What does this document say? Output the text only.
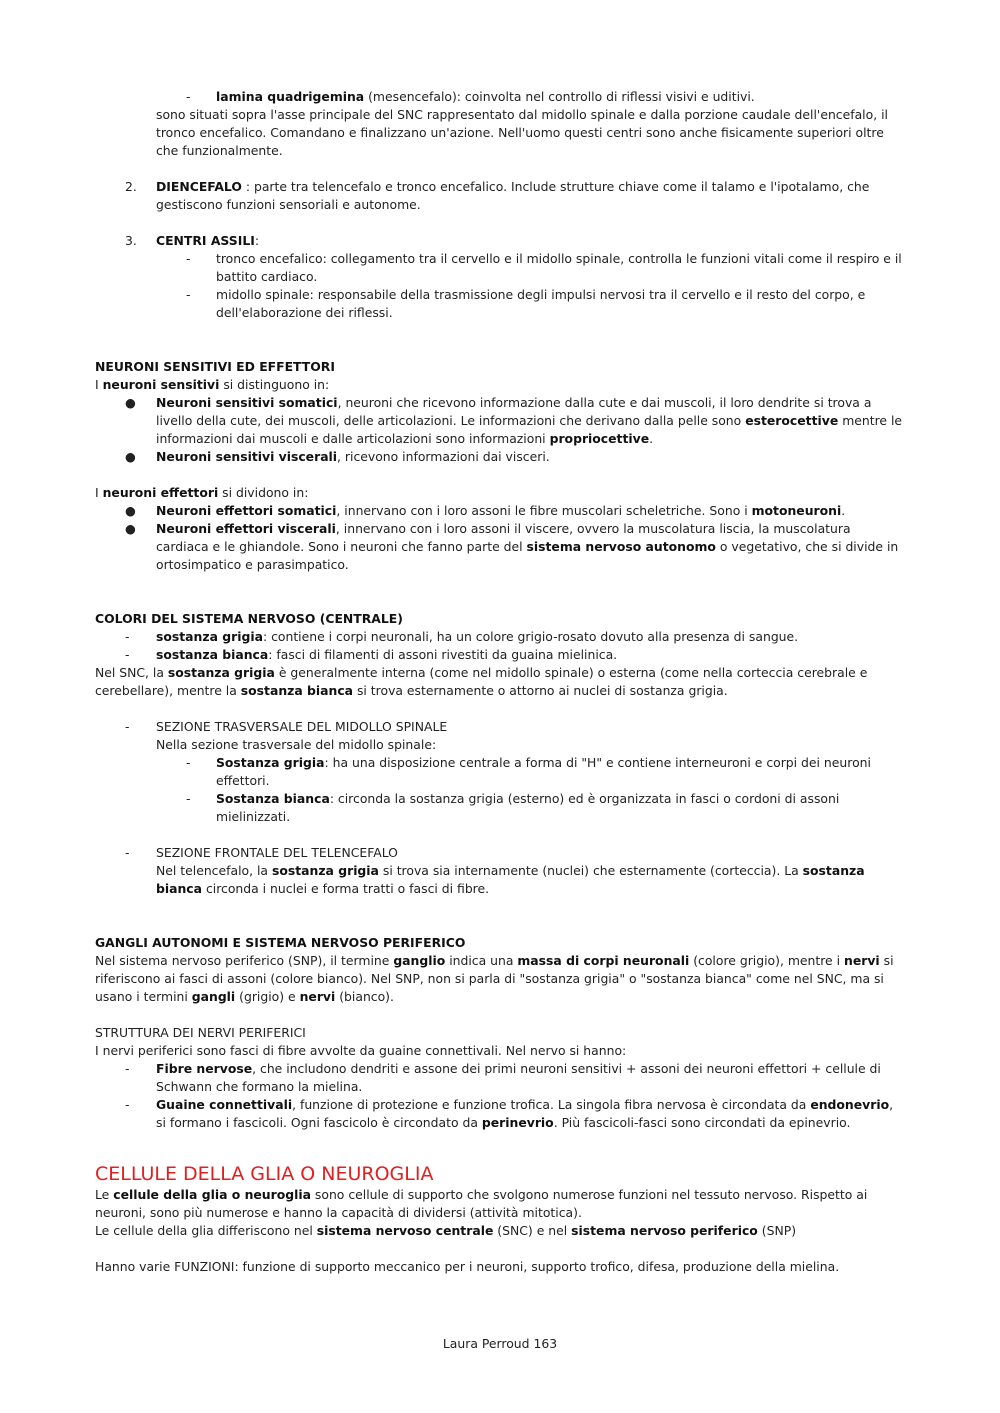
- lamina quadrigemina (mesencefalo): coinvolta nel controllo di riflessi visivi e uditivi.

sono situati sopra l'asse principale del SNC rappresentato dal midollo spinale e dalla porzione caudale dell'encefalo, il tronco encefalico. Comandano e finalizzano un'azione. Nell'uomo questi centri sono anche fisicamente superiori oltre che funzionalmente.

2. DIENCEFALO : parte tra telencefalo e tronco encefalico. Include strutture chiave come il talamo e l'ipotalamo, che gestiscono funzioni sensoriali e autonome.

3. CENTRI ASSILI:

- tronco encefalico: collegamento tra il cervello e il midollo spinale, controlla le funzioni vitali come il respiro e il battito cardiaco.

- midollo spinale: responsabile della trasmissione degli impulsi nervosi tra il cervello e il resto del corpo, e dell'elaborazione dei riflessi.

NEURONI SENSITIVI ED EFFETTORI

I neuroni sensitivi si distinguono in:

● Neuroni sensitivi somatici, neuroni che ricevono informazione dalla cute e dai muscoli, il loro dendrite si trova a livello della cute, dei muscoli, delle articolazioni. Le informazioni che derivano dalla pelle sono esterocettive mentre le informazioni dai muscoli e dalle articolazioni sono informazioni propriocettive.

● Neuroni sensitivi viscerali, ricevono informazioni dai visceri.

I neuroni effettori si dividono in:

● Neuroni effettori somatici, innervano con i loro assoni le fibre muscolari scheletriche. Sono i motoneuroni.

● Neuroni effettori viscerali, innervano con i loro assoni il viscere, ovvero la muscolatura liscia, la muscolatura cardiaca e le ghiandole. Sono i neuroni che fanno parte del sistema nervoso autonomo o vegetativo, che si divide in ortosimpatico e parasimpatico.

COLORI DEL SISTEMA NERVOSO (CENTRALE)

- sostanza grigia: contiene i corpi neuronali, ha un colore grigio-rosato dovuto alla presenza di sangue.

- sostanza bianca: fasci di filamenti di assoni rivestiti da guaina mielinica.

Nel SNC, la sostanza grigia è generalmente interna (come nel midollo spinale) o esterna (come nella corteccia cerebrale e cerebellare), mentre la sostanza bianca si trova esternamente o attorno ai nuclei di sostanza grigia.

- SEZIONE TRASVERSALE DEL MIDOLLO SPINALE

Nella sezione trasversale del midollo spinale:

- Sostanza grigia: ha una disposizione centrale a forma di "H" e contiene interneuroni e corpi dei neuroni effettori.

- Sostanza bianca: circonda la sostanza grigia (esterno) ed è organizzata in fasci o cordoni di assoni mielinizzati.

- SEZIONE FRONTALE DEL TELENCEFALO

Nel telencefalo, la sostanza grigia si trova sia internamente (nuclei) che esternamente (corteccia). La sostanza bianca circonda i nuclei e forma tratti o fasci di fibre.

GANGLI AUTONOMI E SISTEMA NERVOSO PERIFERICO

Nel sistema nervoso periferico (SNP), il termine ganglio indica una massa di corpi neuronali (colore grigio), mentre i nervi si riferiscono ai fasci di assoni (colore bianco). Nel SNP, non si parla di "sostanza grigia" o "sostanza bianca" come nel SNC, ma si usano i termini gangli (grigio) e nervi (bianco).

STRUTTURA DEI NERVI PERIFERICI

I nervi periferici sono fasci di fibre avvolte da guaine connettivali. Nel nervo si hanno:

- Fibre nervose, che includono dendriti e assone dei primi neuroni sensitivi + assoni dei neuroni effettori + cellule di Schwann che formano la mielina.

- Guaine connettivali, funzione di protezione e funzione trofica. La singola fibra nervosa è circondata da endonevrio, si formano i fascicoli. Ogni fascicolo è circondato da perinevrio. Più fascicoli-fasci sono circondati da epinevrio.

CELLULE DELLA GLIA O NEUROGLIA

Le cellule della glia o neuroglia sono cellule di supporto che svolgono numerose funzioni nel tessuto nervoso. Rispetto ai neuroni, sono più numerose e hanno la capacità di dividersi (attività mitotica).

Le cellule della glia differiscono nel sistema nervoso centrale (SNC) e nel sistema nervoso periferico (SNP)

Hanno varie FUNZIONI: funzione di supporto meccanico per i neuroni, supporto trofico, difesa, produzione della mielina.

Laura Perroud 163
